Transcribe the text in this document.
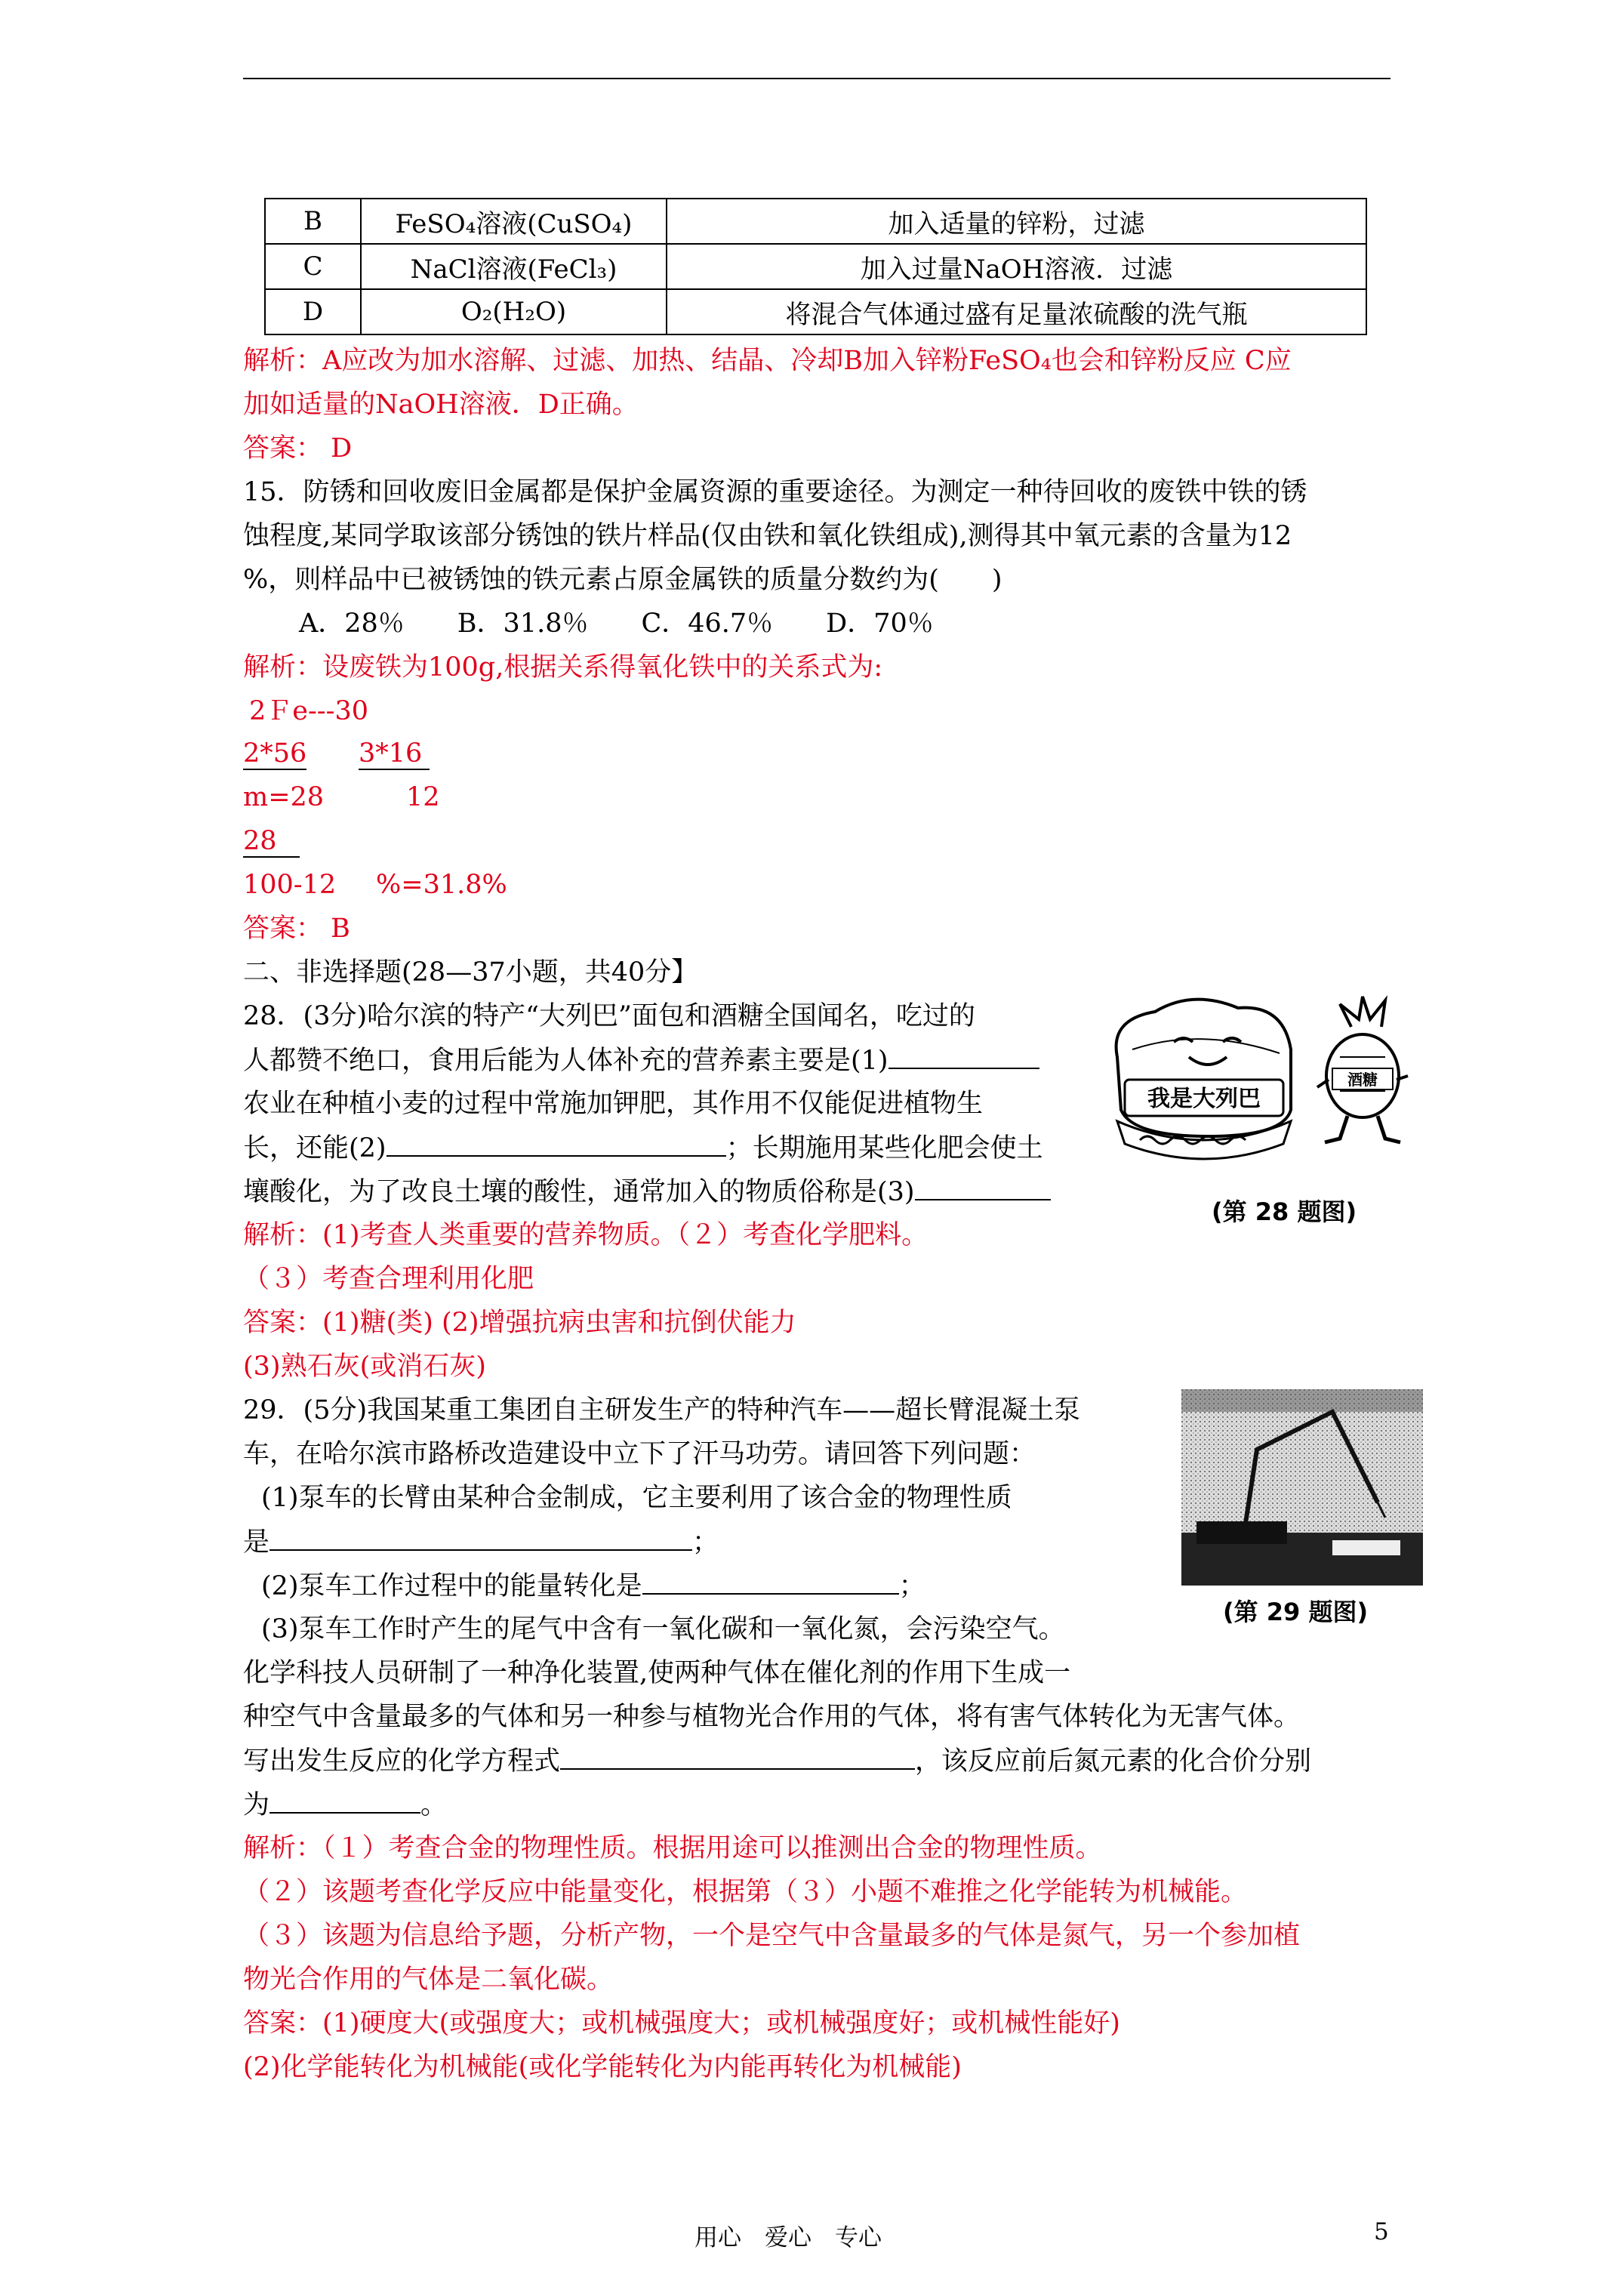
B	FeSO₄溶液(CuSO₄)	加入适量的锌粉，过滤
C	NaCl溶液(FeCl₃)	加入过量NaOH溶液．过滤
D	O₂(H₂O)	将混合气体通过盛有足量浓硫酸的洗气瓶
解析：A应改为加水溶解、过滤、加热、结晶、冷却B加入锌粉FeSO₄也会和锌粉反应 C应
加如适量的NaOH溶液．D正确。
答案： D
15．防锈和回收废旧金属都是保护金属资源的重要途径。为测定一种待回收的废铁中铁的锈
蚀程度,某同学取该部分锈蚀的铁片样品(仅由铁和氧化铁组成),测得其中氧元素的含量为12
%，则样品中已被锈蚀的铁元素占原金属铁的质量分数约为(　　)
A．28％　　B．31.8％　　C．46.7％　　D．70％
解析：设废铁为100g,根据关系得氧化铁中的关系式为:
2Ｆe---30
2*56 3*16
m=28	12
28
100-12 %=31.8%
答案： B
二、非选择题(28—37小题，共40分】
28．(3分)哈尔滨的特产“大列巴”面包和酒糖全国闻名，吃过的
人都赞不绝口，食用后能为人体补充的营养素主要是(1)
农业在种植小麦的过程中常施加钾肥，其作用不仅能促进植物生
长，还能(2)	；长期施用某些化肥会使土
壤酸化，为了改良土壤的酸性，通常加入的物质俗称是(3)
我是大列巴
酒糖
(第 28 题图)
解析：(1)考查人类重要的营养物质。（２）考查化学肥料。
（３）考查合理利用化肥
答案：(1)糖(类) (2)增强抗病虫害和抗倒伏能力
(3)熟石灰(或消石灰)
29．(5分)我国某重工集团自主研发生产的特种汽车——超长臂混凝土泵
车，在哈尔滨市路桥改造建设中立下了汗马功劳。请回答下列问题：
(1)泵车的长臂由某种合金制成，它主要利用了该合金的物理性质
是	；
(2)泵车工作过程中的能量转化是	；
(3)泵车工作时产生的尾气中含有一氧化碳和一氧化氮，会污染空气。
化学科技人员研制了一种净化装置,使两种气体在催化剂的作用下生成一
种空气中含量最多的气体和另一种参与植物光合作用的气体，将有害气体转化为无害气体。
写出发生反应的化学方程式	，该反应前后氮元素的化合价分别
为	。
(第 29 题图)
解析：（１）考查合金的物理性质。根据用途可以推测出合金的物理性质。
（２）该题考查化学反应中能量变化，根据第（３）小题不难推之化学能转为机械能。
（３）该题为信息给予题，分析产物，一个是空气中含量最多的气体是氮气，另一个参加植
物光合作用的气体是二氧化碳。
答案：(1)硬度大(或强度大；或机械强度大；或机械强度好；或机械性能好)
(2)化学能转化为机械能(或化学能转化为内能再转化为机械能)
用心　爱心　专心	5
